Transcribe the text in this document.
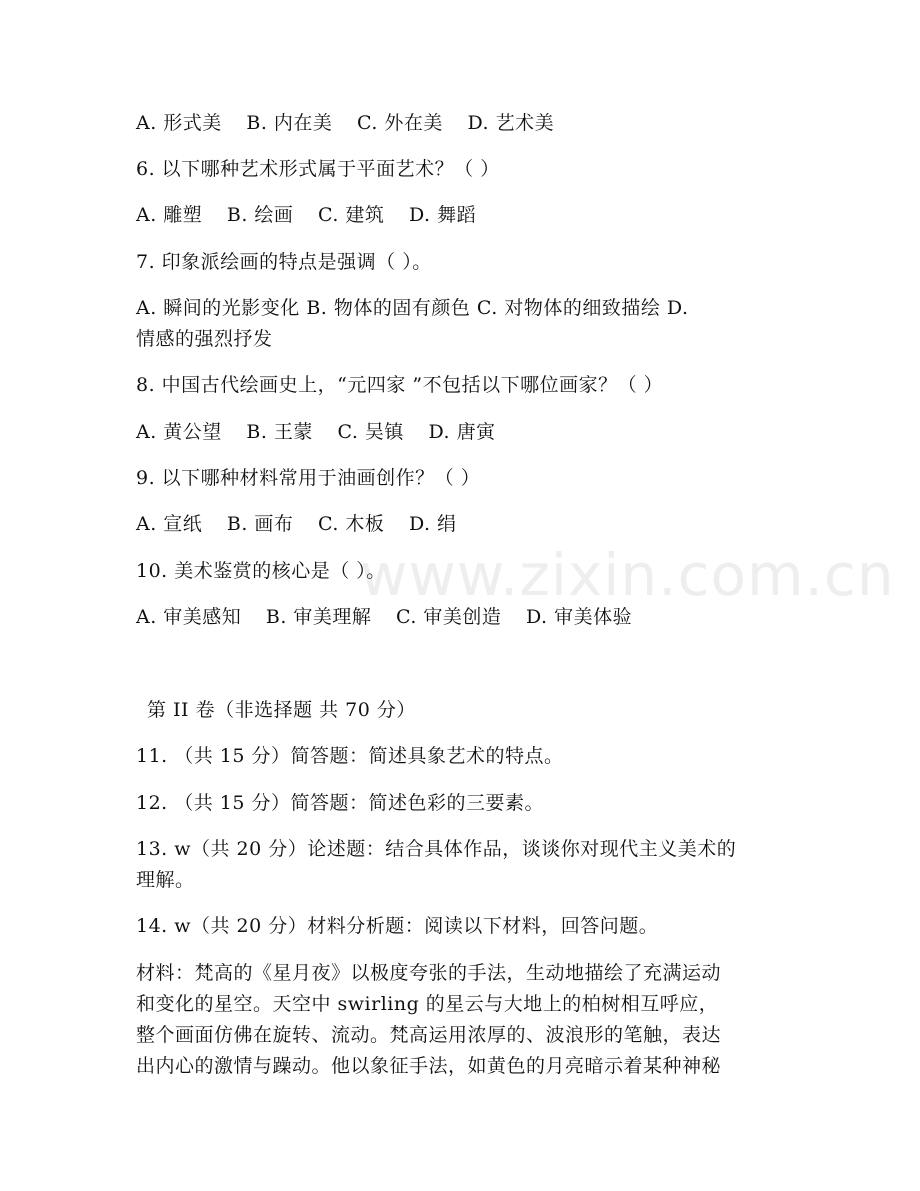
www.zixin.com.cn
A. 形式美 B. 内在美 C. 外在美 D. 艺术美
6. 以下哪种艺术形式属于平面艺术？（ ）
A. 雕塑 B. 绘画 C. 建筑 D. 舞蹈
7. 印象派绘画的特点是强调（ ）。
A. 瞬间的光影变化 B. 物体的固有颜色 C. 对物体的细致描绘 D.
情感的强烈抒发
8. 中国古代绘画史上，“元四家 ”不包括以下哪位画家？（ ）
A. 黄公望 B. 王蒙 C. 吴镇 D. 唐寅
9. 以下哪种材料常用于油画创作？（ ）
A. 宣纸 B. 画布 C. 木板 D. 绢
10. 美术鉴赏的核心是（ ）。
A. 审美感知 B. 审美理解 C. 审美创造 D. 审美体验
第 II 卷（非选择题 共 70 分）
11. （共 15 分）简答题：简述具象艺术的特点。
12. （共 15 分）简答题：简述色彩的三要素。
13. w（共 20 分）论述题：结合具体作品，谈谈你对现代主义美术的
理解。
14. w（共 20 分）材料分析题：阅读以下材料，回答问题。
材料：梵高的《星月夜》以极度夸张的手法，生动地描绘了充满运动
和变化的星空。天空中 swirling 的星云与大地上的柏树相互呼应，
整个画面仿佛在旋转、流动。梵高运用浓厚的、波浪形的笔触，表达
出内心的激情与躁动。他以象征手法，如黄色的月亮暗示着某种神秘
